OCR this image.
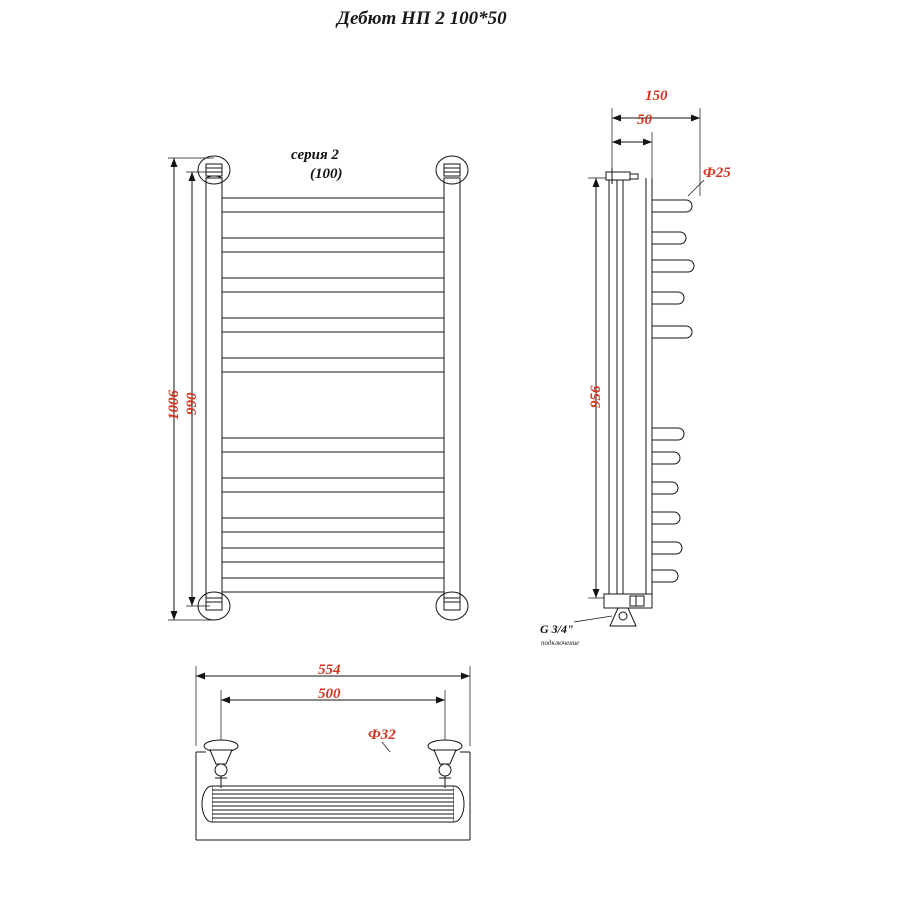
Дебют НП 2 100*50
серия 2
(100)
1006 990
150
50
Ф25
956
G 3/4"
подключение
554
500
Ф32
